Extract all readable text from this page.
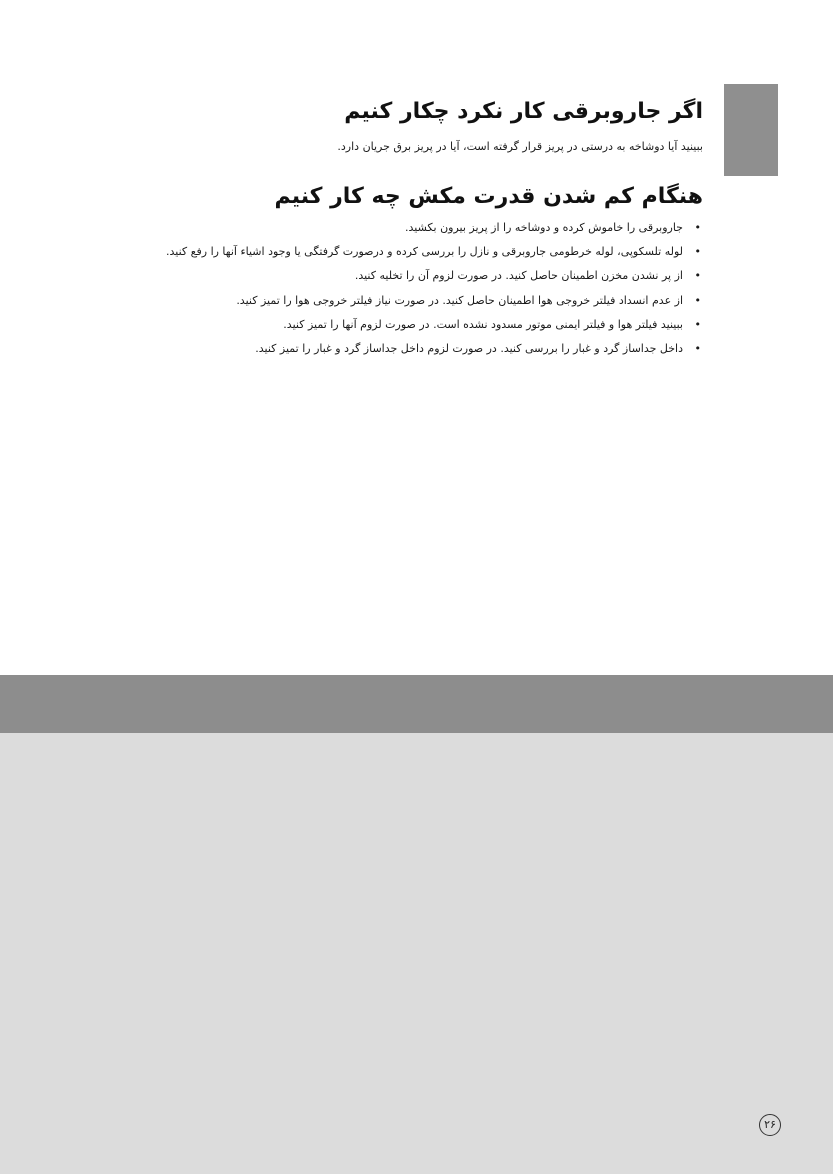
اگر جاروبرقی کار نکرد چکار کنیم

ببینید آیا دوشاخه به درستی در پریز قرار گرفته است، آیا در پریز برق جریان دارد.

هنگام کم شدن قدرت مکش چه کار کنیم
•
جاروبرقی را خاموش کرده و دوشاخه را از پریز بیرون بکشید.
•
لوله تلسکوپی، لوله خرطومی جاروبرقی و نازل را بررسی کرده و درصورت گرفتگی یا وجود اشیاء آنها را رفع کنید.
•
از پر نشدن مخزن اطمینان حاصل کنید. در صورت لزوم آن را تخلیه کنید.
•
از عدم انسداد فیلتر خروجی هوا اطمینان حاصل کنید. در صورت نیاز فیلتر خروجی هوا را تمیز کنید.
•
ببینید فیلتر هوا و فیلتر ایمنی موتور مسدود نشده است. در صورت لزوم آنها را تمیز کنید.
•
داخل جداساز گرد و غبار را بررسی کنید. در صورت لزوم داخل جداساز گرد و غبار را تمیز کنید.
۲۶
